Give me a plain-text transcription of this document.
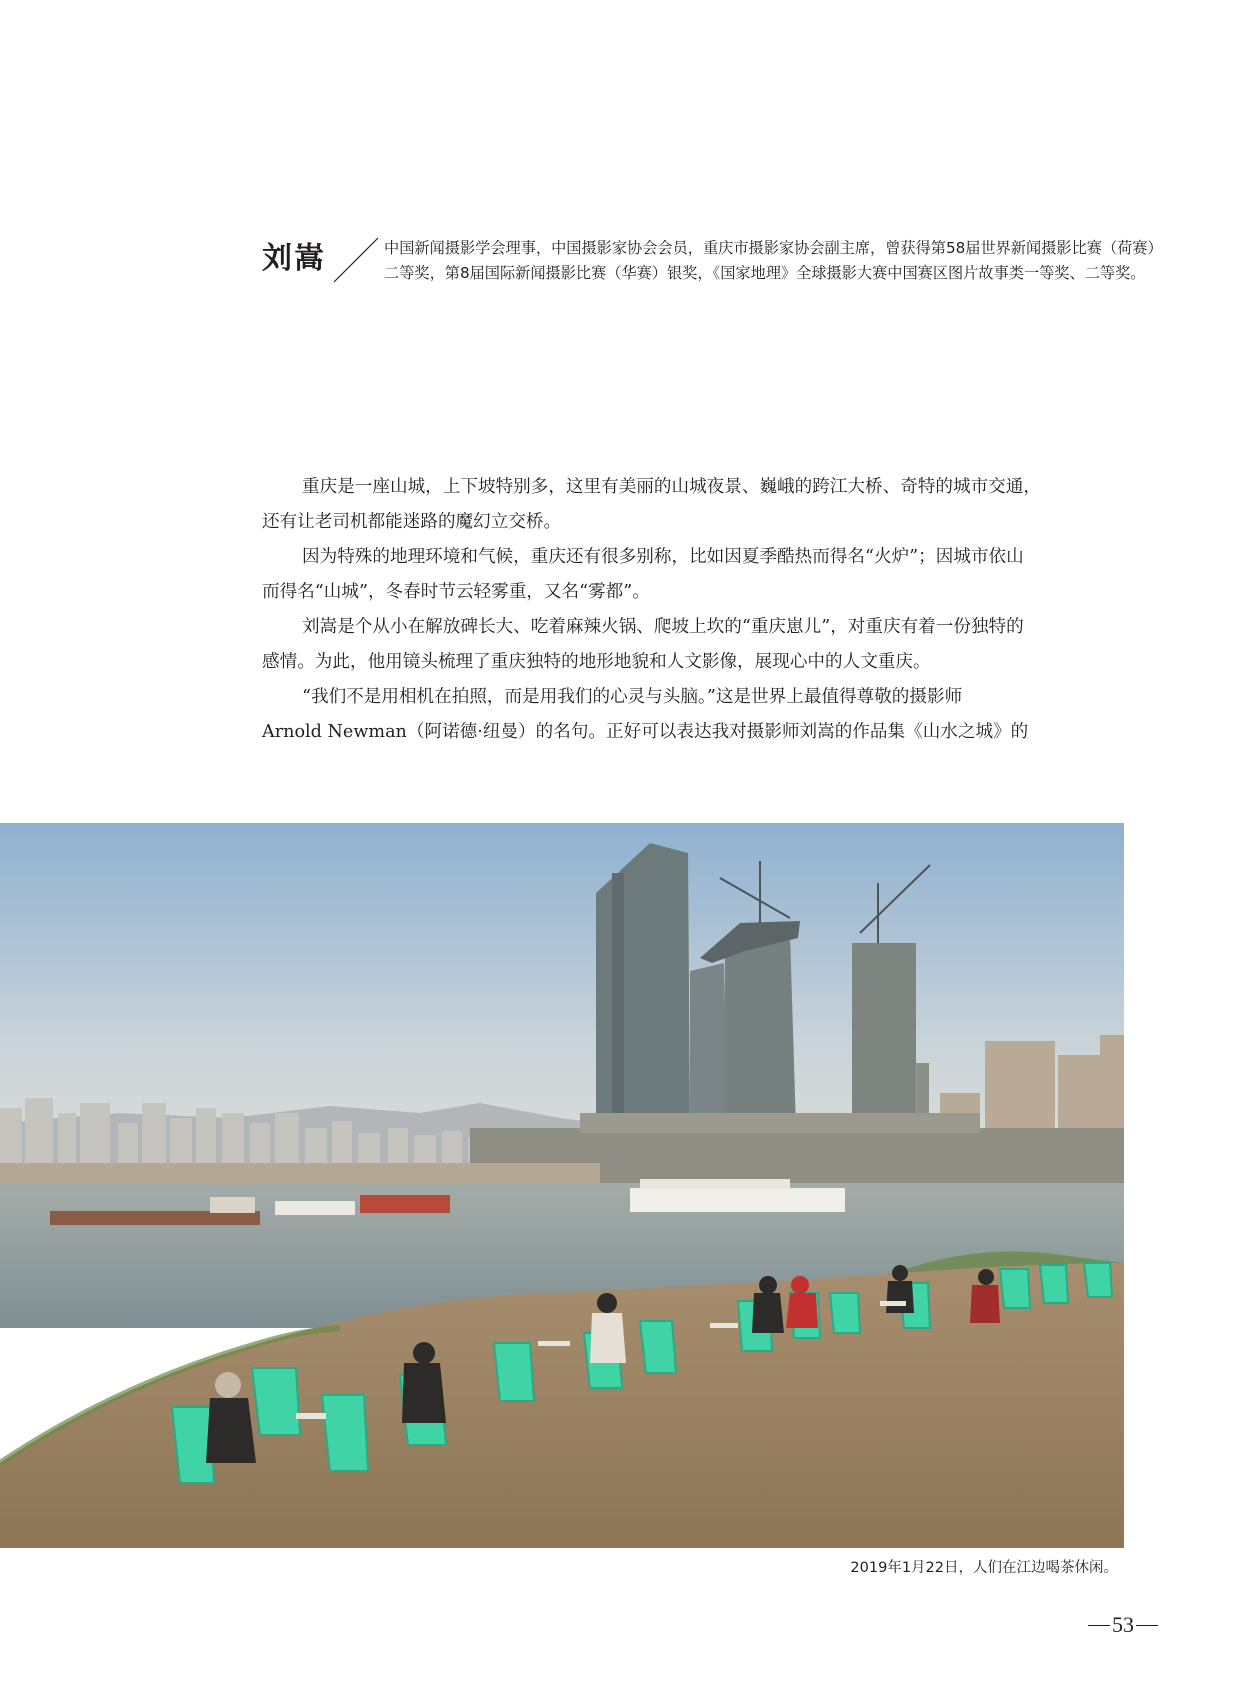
刘嵩	中国新闻摄影学会理事，中国摄影家协会会员，重庆市摄影家协会副主席，曾获得第58届世界新闻摄影比赛（荷赛）
二等奖，第8届国际新闻摄影比赛（华赛）银奖，《国家地理》全球摄影大赛中国赛区图片故事类一等奖、二等奖。
重庆是一座山城，上下坡特别多，这里有美丽的山城夜景、巍峨的跨江大桥、奇特的城市交通，
还有让老司机都能迷路的魔幻立交桥。
因为特殊的地理环境和气候，重庆还有很多别称，比如因夏季酷热而得名“火炉”；因城市依山
而得名“山城”，冬春时节云轻雾重，又名“雾都”。
刘嵩是个从小在解放碑长大、吃着麻辣火锅、爬坡上坎的“重庆崽儿”，对重庆有着一份独特的
感情。为此，他用镜头梳理了重庆独特的地形地貌和人文影像，展现心中的人文重庆。
“我们不是用相机在拍照，而是用我们的心灵与头脑。”这是世界上最值得尊敬的摄影师
Arnold Newman（阿诺德·纽曼）的名句。正好可以表达我对摄影师刘嵩的作品集《山水之城》的
2019年1月22日，人们在江边喝茶休闲。
53
